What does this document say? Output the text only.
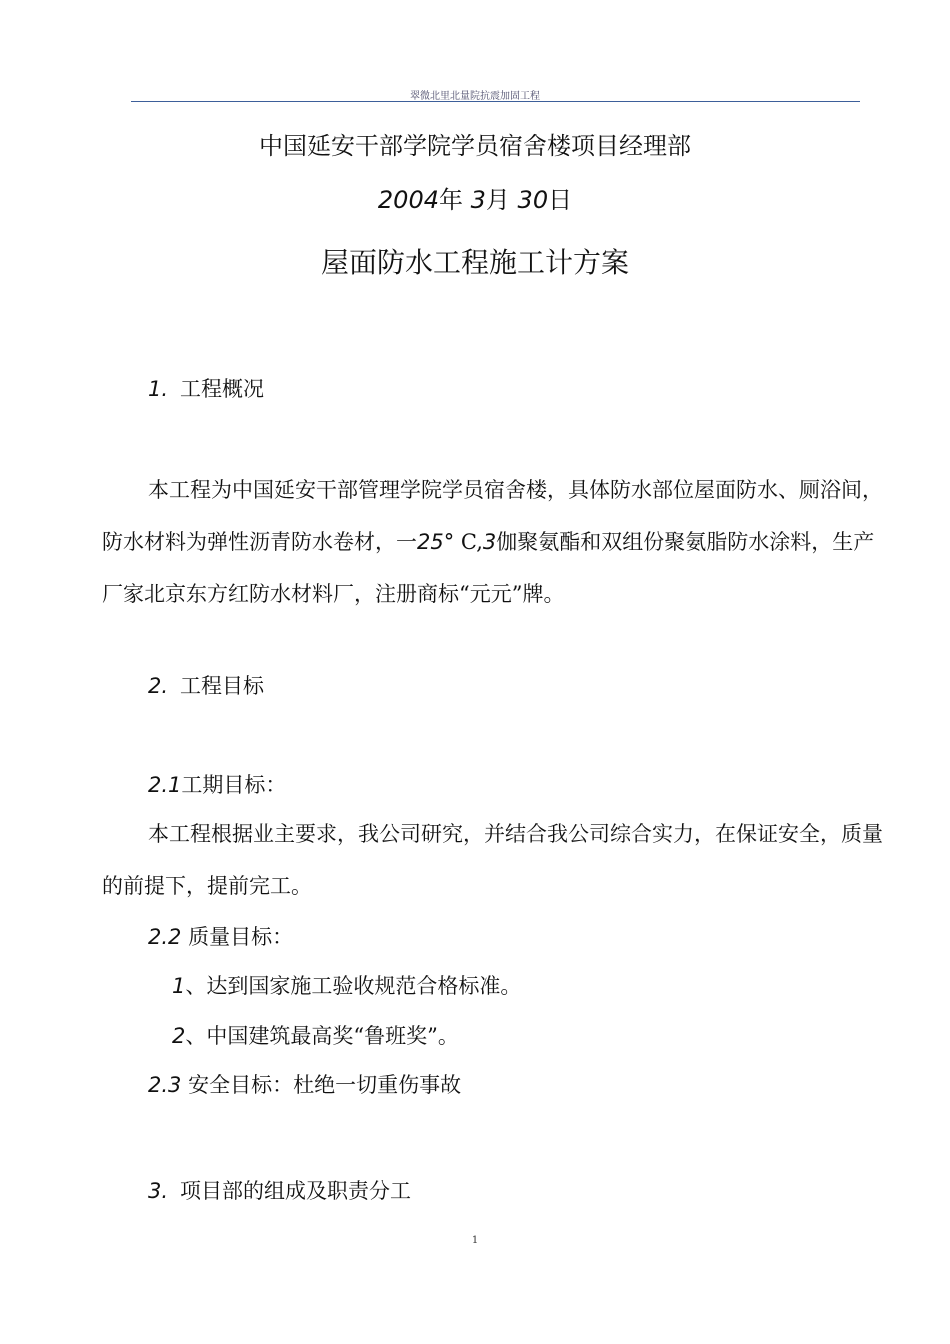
翠微北里北量院抗震加固工程
中国延安干部学院学员宿舍楼项目经理部
2004年 3月 30日
屋面防水工程施工计方案
1. 工程概况
本工程为中国延安干部管理学院学员宿舍楼，具体防水部位屋面防水、厕浴间，防水材料为弹性沥青防水卷材，一25° C,3伽聚氨酯和双组份聚氨脂防水涂料，生产厂家北京东方红防水材料厂，注册商标“元元”牌。
2. 工程目标
2.1工期目标：
本工程根据业主要求，我公司研究，并结合我公司综合实力，在保证安全，质量的前提下，提前完工。
2.2 质量目标：
1、达到国家施工验收规范合格标准。
2、中国建筑最高奖“鲁班奖”。
2.3 安全目标：杜绝一切重伤事故
3. 项目部的组成及职责分工
1
